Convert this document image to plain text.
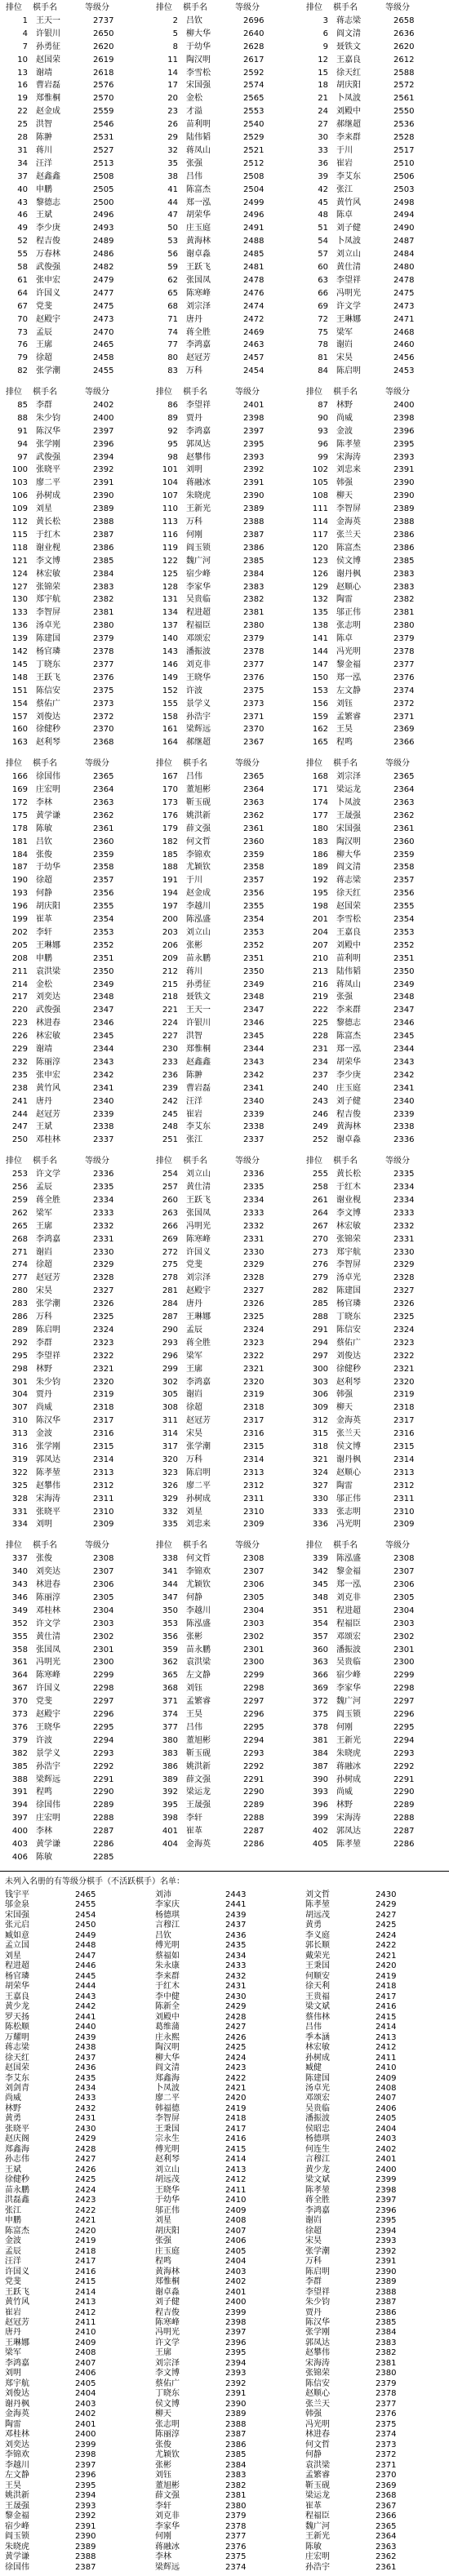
排位 棋手名	等级分
1 王天一	2737
4 许银川	2650
7 孙勇征	2620
10 赵国荣	2619
13 谢靖	2618
16 曹岩磊	2576
19 郑惟桐	2570
22 赵金成	2559
25 洪智	2546
28 陈翀	2531
31 蒋川	2527
34 汪洋	2513
37 赵鑫鑫	2508
40 申鹏	2505
43 黎德志	2500
46 王斌	2496
49 李少庚	2493
52 程吉俊	2489
55 万春林	2486
58 武俊强	2482
61 张申宏	2479
64 许国义	2477
67 党斐	2475
70 赵殿宇	2473
73 孟辰	2470
76 王廓	2465
79 徐超	2458
82 张学潮	2455
排位 棋手名	等级分
2 吕钦	2696
5 柳大华	2640
8 于幼华	2628
11 陶汉明	2617
14 李雪松	2592
17 宋国强	2574
20 金松	2565
23 才溢	2553
26 苗利明	2540
29 陆伟韬	2529
32 蒋凤山	2521
35 张强	2512
38 吕伟	2508
41 陈富杰	2504
44 郑一泓	2499
47 胡荣华	2496
50 庄玉庭	2491
53 黄海林	2488
56 谢卓淼	2485
59 王跃飞	2481
62 张国凤	2478
65 陈寒峰	2476
68 刘宗泽	2474
71 唐丹	2472
74 蒋全胜	2469
77 李鸿嘉	2463
80 赵冠芳	2457
83 万科	2454
排位 棋手名	等级分
3 蒋志梁	2658
6 阎文清	2636
9 聂铁文	2620
12 王嘉良	2612
15 徐天红	2588
18 胡庆阳	2572
21 卜凤波	2561
24 刘殿中	2550
27 郝继超	2536
30 李来群	2528
33 于川	2517
36 崔岩	2510
39 李艾东	2506
42 张江	2503
45 黄竹风	2498
48 陈卓	2494
51 刘子健	2490
54 卜凤波	2487
57 刘立山	2484
60 黄仕清	2480
63 李望祥	2478
66 冯明光	2475
69 许文学	2473
72 王琳娜	2471
75 梁军	2468
78 谢岿	2460
81 宋昊	2456
84 陈启明	2453
排位 棋手名	等级分
85 李群	2402
88 朱少钧	2400
91 陈汉华	2397
94 张学刚	2396
97 武俊强	2394
100 张晓平	2392
103 廖二平	2391
106 孙树成	2390
109 刘星	2389
112 黄长松	2388
115 于红木	2387
118 谢业枧	2386
121 李文博	2385
124 林宏敏	2384
127 张锦荣	2383
130 郑宇航	2382
133 李智屏	2381
136 汤卓光	2380
139 陈建国	2379
142 杨官璘	2378
145 丁晓东	2377
148 王跃飞	2376
151 陈信安	2375
154 蔡佑广	2373
157 刘俊达	2372
160 徐健秒	2370
163 赵利琴	2368
排位 棋手名	等级分
86 李望祥	2401
89 贾丹	2398
92 李鸿嘉	2397
95 郭凤达	2395
98 赵攀伟	2393
101 刘明	2392
104 蒋融冰	2391
107 朱晓虎	2390
110 王新光	2389
113 万科	2388
116 何刚	2387
119 阎玉锁	2386
122 魏广河	2385
125 宿少峰	2384
128 李家华	2383
131 吴贵临	2382
134 程进超	2381
137 程福臣	2380
140 邓颂宏	2379
143 潘振波	2378
146 刘克非	2377
149 王晓华	2376
152 许波	2375
155 景学义	2373
158 孙浩宇	2371
161 梁辉远	2370
164 郝继超	2367
排位 棋手名	等级分
87 林野	2400
90 尚威	2398
93 金波	2396
96 陈孝堃	2395
99 宋海涛	2393
102 刘忠来	2391
105 韩强	2390
108 柳天	2390
111 李智屏	2389
114 金海英	2388
117 张兰天	2386
120 陈富杰	2386
123 侯文博	2385
126 谢丹枫	2383
129 赵顺心	2383
132 陶雷	2382
135 邬正伟	2381
138 张志明	2380
141 陈卓	2379
144 冯光明	2378
147 黎金福	2377
150 郑一泓	2376
153 左文静	2374
156 刘钰	2372
159 孟繁睿	2371
162 王昊	2369
165 程鸣	2366
排位 棋手名	等级分
166 徐国伟	2365
169 庄宏明	2364
172 李林	2363
175 黄学谦	2362
178 陈敏	2361
181 吕钦	2360
184 张俊	2359
187 于幼华	2358
190 徐超	2357
193 何静	2356
196 胡庆阳	2355
199 崔革	2354
202 李轩	2353
205 王琳娜	2352
208 申鹏	2351
211 袁洪梁	2350
214 金松	2349
217 刘奕达	2348
220 武俊强	2347
223 林进春	2346
226 林宏敏	2345
229 谢靖	2344
232 陈丽淳	2343
235 张申宏	2342
238 黄竹风	2341
241 唐丹	2340
244 赵冠芳	2339
247 王斌	2338
250 邓桂林	2337
排位 棋手名	等级分
167 吕伟	2365
170 董旭彬	2364
173 靳玉砚	2363
176 姚洪新	2362
179 薛文强	2361
182 何文哲	2360
185 李锦欢	2359
188 尤颖钦	2358
191 于川	2357
194 赵金成	2356
197 李越川	2355
200 陈泓盛	2354
203 刘立山	2353
206 张彬	2352
209 苗永鹏	2351
212 蒋川	2350
215 孙勇征	2349
218 聂铁文	2348
221 王天一	2347
224 许银川	2346
227 洪智	2345
230 郑惟桐	2344
233 赵鑫鑫	2343
236 陈翀	2342
239 曹岩磊	2341
242 汪洋	2340
245 崔岩	2339
248 李艾东	2338
251 张江	2337
排位 棋手名	等级分
168 刘宗泽	2365
171 梁运龙	2364
174 卜凤波	2363
177 王晟强	2362
180 宋国强	2361
183 陶汉明	2360
186 柳大华	2359
189 阎文清	2358
192 蒋志梁	2357
195 徐天红	2356
198 赵国荣	2355
201 李雪松	2354
204 王嘉良	2353
207 刘殿中	2352
210 苗利明	2351
213 陆伟韬	2350
216 蒋凤山	2349
219 张强	2348
222 李来群	2347
225 黎德志	2346
228 陈富杰	2345
231 郑一泓	2344
234 胡荣华	2343
237 李少庚	2342
240 庄玉庭	2341
243 刘子健	2340
246 程吉俊	2339
249 黄海林	2338
252 谢卓淼	2336
排位 棋手名	等级分
253 许文学	2336
256 孟辰	2335
259 蒋全胜	2334
262 梁军	2333
265 王廓	2332
268 李鸿嘉	2331
271 谢岿	2330
274 徐超	2329
277 赵冠芳	2328
280 宋昊	2327
283 张学潮	2326
286 万科	2325
289 陈启明	2324
292 李群	2323
295 李望祥	2322
298 林野	2321
301 朱少钧	2320
304 贾丹	2319
307 尚威	2318
310 陈汉华	2317
313 金波	2316
316 张学刚	2315
319 郭凤达	2314
322 陈孝堃	2313
325 赵攀伟	2312
328 宋海涛	2311
331 张晓平	2310
334 刘明	2309
排位 棋手名	等级分
254 刘立山	2336
257 黄仕清	2335
260 王跃飞	2334
263 张国凤	2333
266 冯明光	2332
269 陈寒峰	2331
272 许国义	2330
275 党斐	2329
278 刘宗泽	2328
281 赵殿宇	2327
284 唐丹	2326
287 王琳娜	2325
290 孟辰	2324
293 蒋全胜	2323
296 梁军	2322
299 王廓	2321
302 李鸿嘉	2320
305 谢岿	2319
308 徐超	2318
311 赵冠芳	2317
314 宋昊	2316
317 张学潮	2315
320 万科	2314
323 陈启明	2313
326 廖二平	2312
329 孙树成	2311
332 刘星	2310
335 刘忠来	2309
排位 棋手名	等级分
255 黄长松	2335
258 于红木	2334
261 谢业枧	2334
264 李文博	2333
267 林宏敏	2332
270 张锦荣	2331
273 郑宇航	2330
276 李智屏	2329
279 汤卓光	2328
282 陈建国	2327
285 杨官璘	2326
288 丁晓东	2325
291 陈信安	2324
294 蔡佑广	2323
297 刘俊达	2322
300 徐健秒	2321
303 赵利琴	2320
306 韩强	2319
309 柳天	2318
312 金海英	2317
315 张兰天	2316
318 侯文博	2315
321 谢丹枫	2314
324 赵顺心	2313
327 陶雷	2312
330 邬正伟	2311
333 张志明	2310
336 冯光明	2309
排位 棋手名	等级分
337 张俊	2308
340 刘奕达	2307
343 林进春	2306
346 陈丽淳	2305
349 邓桂林	2304
352 许文学	2303
355 黄仕清	2302
358 张国凤	2301
361 冯明光	2300
364 陈寒峰	2299
367 许国义	2298
370 党斐	2297
373 赵殿宇	2296
376 王晓华	2295
379 许波	2294
382 景学义	2293
385 孙浩宇	2292
388 梁辉远	2291
391 程鸣	2290
394 徐国伟	2289
397 庄宏明	2288
400 李林	2287
403 黄学谦	2286
406 陈敏	2285
排位 棋手名	等级分
338 何文哲	2308
341 李锦欢	2307
344 尤颖钦	2306
347 何静	2305
350 李越川	2304
353 陈泓盛	2303
356 张彬	2302
359 苗永鹏	2301
362 袁洪梁	2300
365 左文静	2299
368 刘钰	2298
371 孟繁睿	2297
374 王昊	2296
377 吕伟	2295
380 董旭彬	2294
383 靳玉砚	2293
386 姚洪新	2292
389 薛文强	2291
392 梁运龙	2290
395 王晟强	2289
398 李轩	2288
401 崔革	2287
404 金海英	2286
排位 棋手名	等级分
339 陈泓盛	2308
342 黎金福	2307
345 郑一泓	2306
348 刘克非	2305
351 程进超	2304
354 程福臣	2303
357 邓颂宏	2302
360 潘振波	2301
363 吴贵临	2300
366 宿少峰	2299
369 李家华	2298
372 魏广河	2297
375 阎玉锁	2296
378 何刚	2295
381 王新光	2294
384 朱晓虎	2293
387 蒋融冰	2292
390 孙树成	2291
393 尚威	2290
396 林野	2289
399 宋海涛	2288
402 郭凤达	2287
405 陈孝堃	2286
未列入名册的有等级分棋手（不活跃棋手）名单：
钱宇平	2465	刘沛	2443	刘文哲	2430
邬金泉	2455	李家庆	2441	陈孝堃	2429
宋国强	2454	杨德琪	2439	胡远茂	2427
张元启	2450	言穆江	2437	黄勇	2425
臧如意	2449	吕钦	2436	李义庭	2424
孟立国	2448	傅光明	2435	郭长顺	2422
刘星	2447	蔡福如	2434	戴荣光	2421
程进超	2446	朱永康	2433	王秉国	2420
杨官璘	2445	李来群	2432	何顺安	2419
胡荣华	2444	于红木	2431	徐天利	2418
王嘉良	2443	李中健	2430	王贵福	2417
黄少龙	2442	陈新全	2429	梁文斌	2416
罗天扬	2441	刘殿中	2428	蔡伟林	2415
陈松顺	2440	葛维蒲	2427	吕伟	2414
万耀明	2439	庄永熙	2426	季本涵	2413
蒋志梁	2438	陶汉明	2425	林宏敏	2412
徐天红	2437	柳大华	2424	孙树成	2411
赵国荣	2436	阎文清	2423	臧健	2410
李艾东	2435	郑鑫海	2422	陈建国	2409
刘剑青	2434	卜凤波	2421	汤卓光	2408
尚威	2433	廖二平	2420	邓颂宏	2407
林野	2432	韩福德	2419	吴贵临	2406
黄勇	2431	李智屏	2418	潘振波	2405
张晓平	2430	王秉国	2417	侯昭忠	2404
赵庆阁	2429	宗永生	2416	杨德琪	2403
郑鑫海	2428	傅光明	2415	何连生	2402
孙志伟	2427	赵利琴	2414	言穆江	2401
王斌	2426	刘立山	2413	黄少龙	2400
徐健秒	2425	胡远茂	2412	梁文斌	2399
苗永鹏	2424	王晓华	2411	陈孝堃	2398
洪磊鑫	2423	于幼华	2410	蒋全胜	2397
张江	2422	邬正伟	2409	李鸿嘉	2396
申鹏	2421	刘星	2408	谢岿	2395
陈富杰	2420	胡庆阳	2407	徐超	2394
金波	2419	张强	2406	宋昊	2393
孟辰	2418	庄玉庭	2405	张学潮	2392
汪洋	2417	程鸣	2404	万科	2391
许国义	2416	黄海林	2403	陈启明	2390
党斐	2415	郑惟桐	2402	李群	2389
王跃飞	2414	谢卓淼	2401	李望祥	2388
黄竹风	2413	刘子健	2400	朱少钧	2387
崔岩	2412	程吉俊	2399	贾丹	2386
赵冠芳	2411	陈寒峰	2398	陈汉华	2385
唐丹	2410	冯明光	2397	张学刚	2384
王琳娜	2409	许文学	2396	郭凤达	2383
梁军	2408	王廓	2395	赵攀伟	2382
李鸿嘉	2407	刘宗泽	2394	宋海涛	2381
刘明	2406	李文博	2393	张锦荣	2380
郑宇航	2405	蔡佑广	2392	陈信安	2379
刘俊达	2404	丁晓东	2391	赵顺心	2378
谢丹枫	2403	侯文博	2390	张兰天	2377
金海英	2402	柳天	2389	韩强	2376
陶雷	2401	张志明	2388	冯光明	2375
邓桂林	2400	陈丽淳	2387	林进春	2374
刘奕达	2399	张俊	2386	何文哲	2373
李锦欢	2398	尤颖钦	2385	何静	2372
李越川	2397	张彬	2384	袁洪梁	2371
左文静	2396	刘钰	2383	孟繁睿	2370
王昊	2395	董旭彬	2382	靳玉砚	2369
姚洪新	2394	薛文强	2381	梁运龙	2368
王晟强	2393	李轩	2380	崔革	2367
黎金福	2392	刘克非	2379	程福臣	2366
宿少峰	2391	李家华	2378	魏广河	2365
阎玉锁	2390	何刚	2377	王新光	2364
朱晓虎	2389	蒋融冰	2376	陈敏	2363
黄学谦	2388	李林	2375	庄宏明	2362
徐国伟	2387	梁辉远	2374	孙浩宇	2361
